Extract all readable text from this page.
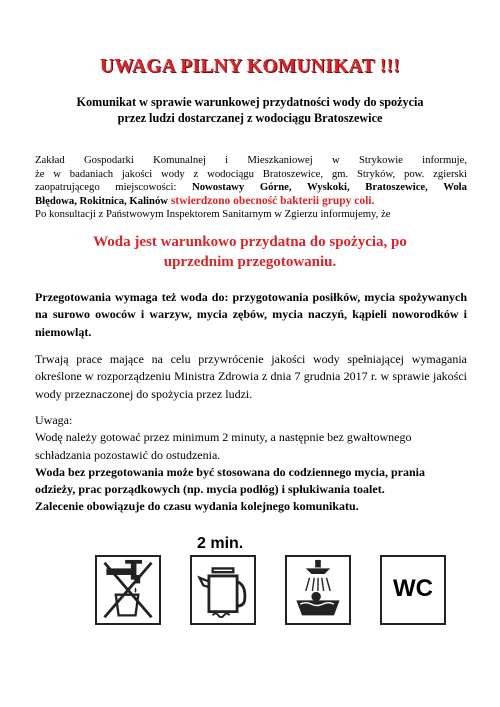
UWAGA PILNY KOMUNIKAT !!!
Komunikat w sprawie warunkowej przydatności wody do spożycia
przez ludzi dostarczanej z wodociągu Bratoszewice
Zakład Gospodarki Komunalnej i Mieszkaniowej w Strykowie informuje,
że w badaniach jakości wody z wodociągu Bratoszewice, gm. Stryków, pow. zgierski
zaopatrującego miejscowości: Nowostawy Górne, Wyskoki, Bratoszewice, Wola
Błędowa, Rokitnica, Kalinów stwierdzono obecność bakterii grupy coli.
Po konsultacji z Państwowym Inspektorem Sanitarnym w Zgierzu informujemy, że
Woda jest warunkowo przydatna do spożycia, po
uprzednim przegotowaniu.
Przegotowania wymaga też woda do: przygotowania posiłków, mycia spożywanych na surowo owoców i warzyw, mycia zębów, mycia naczyń, kąpieli noworodków i niemowląt.
Trwają prace mające na celu przywrócenie jakości wody spełniającej wymagania określone w rozporządzeniu Ministra Zdrowia z dnia 7 grudnia 2017 r. w sprawie jakości wody przeznaczonej do spożycia przez ludzi.
Uwaga:
Wodę należy gotować przez minimum 2 minuty, a następnie bez gwałtownego schładzania pozostawić do ostudzenia.
Woda bez przegotowania może być stosowana do codziennego mycia, prania odzieży, prac porządkowych (np. mycia podłóg) i spłukiwania toalet.
Zalecenie obowiązuje do czasu wydania kolejnego komunikatu.
2 min.
WC
